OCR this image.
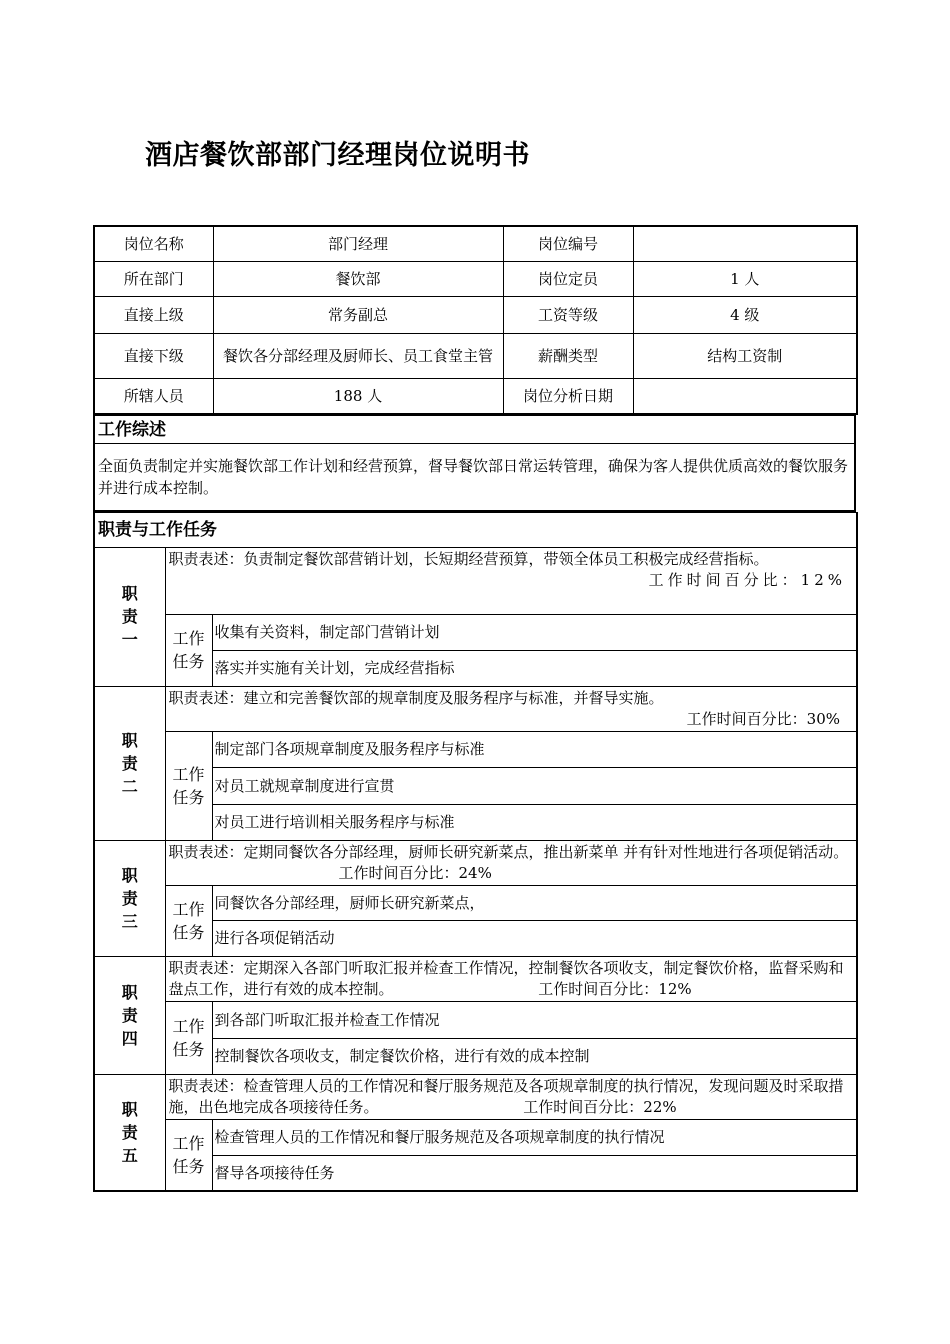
酒店餐饮部部门经理岗位说明书
岗位名称	部门经理	岗位编号	
所在部门	餐饮部	岗位定员	1 人
直接上级	常务副总	工资等级	4 级
直接下级	餐饮各分部经理及厨师长、员工食堂主管	薪酬类型	结构工资制
所辖人员	188 人	岗位分析日期	
工作综述
全面负责制定并实施餐饮部工作计划和经营预算，督导餐饮部日常运转管理，确保为客人提供优质高效的餐饮服务并进行成本控制。
职责与工作任务		
职责一	职责表述：负责制定餐饮部营销计划，长短期经营预算，带领全体员工积极完成经营指标。
工作时间百分比：12%	

	工作任务	收集有关资料，制定部门营销计划
		落实并实施有关计划，完成经营指标
职责二	职责表述：建立和完善餐饮部的规章制度及服务程序与标准，并督导实施。
工作时间百分比：30%	

	工作任务	制定部门各项规章制度及服务程序与标准
		对员工就规章制度进行宣贯
		对员工进行培训相关服务程序与标准
职责三	职责表述：定期同餐饮各分部经理，厨师长研究新菜点，推出新菜单 并有针对性地进行各项促销活动。 工作时间百分比：24%	
	工作任务	同餐饮各分部经理，厨师长研究新菜点，
		进行各项促销活动
职责四	职责表述：定期深入各部门听取汇报并检查工作情况，控制餐饮各项收支，制定餐饮价格，监督采购和盘点工作，进行有效的成本控制。 工作时间百分比：12%	
	工作任务	到各部门听取汇报并检查工作情况
		控制餐饮各项收支，制定餐饮价格，进行有效的成本控制
职责五	职责表述：检查管理人员的工作情况和餐厅服务规范及各项规章制度的执行情况，发现问题及时采取措施，出色地完成各项接待任务。 工作时间百分比：22%	
	工作任务	检查管理人员的工作情况和餐厅服务规范及各项规章制度的执行情况
		督导各项接待任务
